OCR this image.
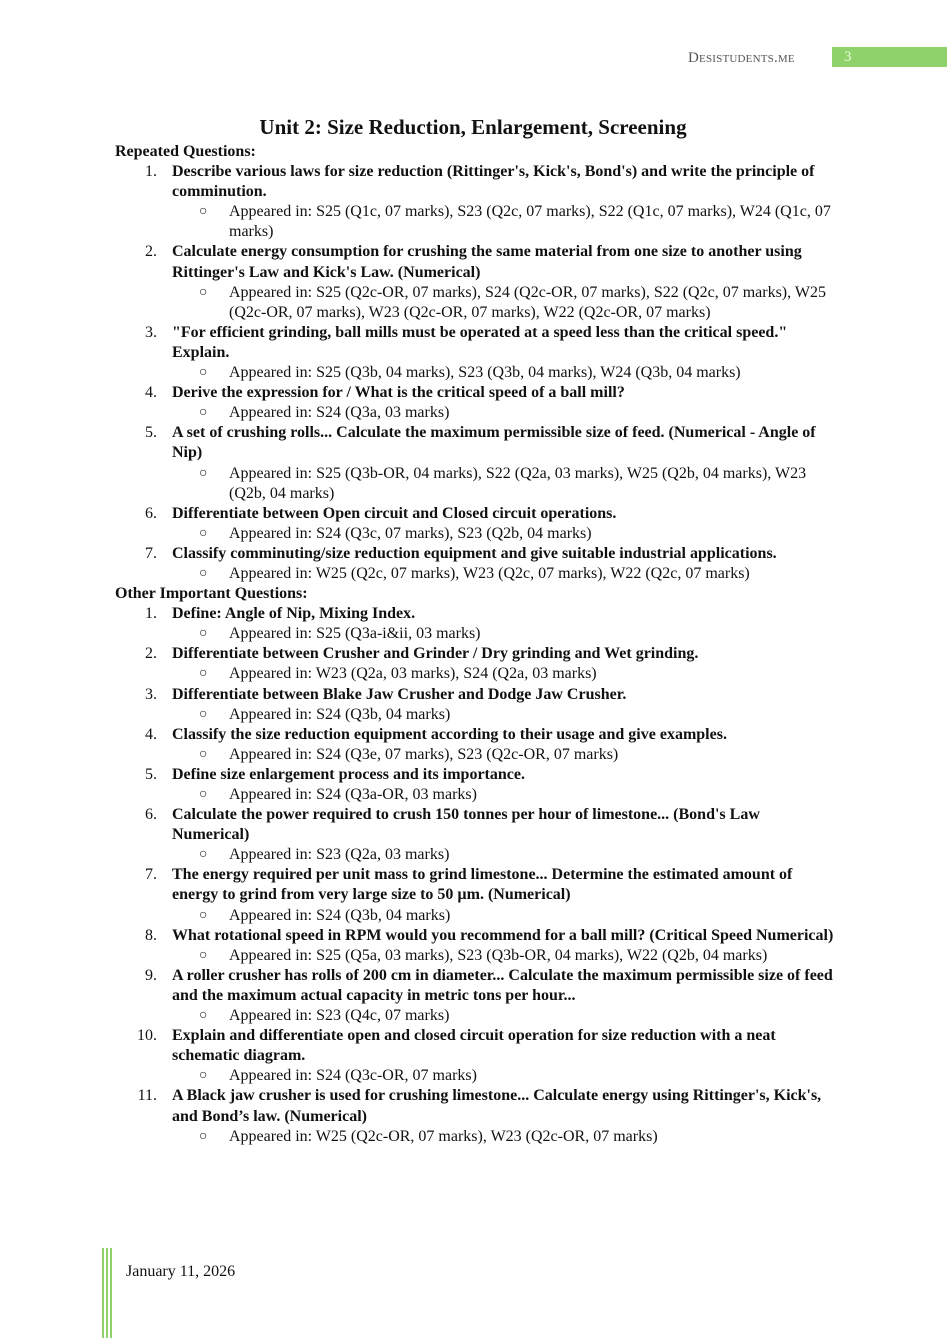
Desistudents.me	3
Unit 2: Size Reduction, Enlargement, Screening
Repeated Questions:
1. Describe various laws for size reduction (Rittinger's, Kick's, Bond's) and write the principle of comminution.
○ Appeared in: S25 (Q1c, 07 marks), S23 (Q2c, 07 marks), S22 (Q1c, 07 marks), W24 (Q1c, 07 marks)
2. Calculate energy consumption for crushing the same material from one size to another using Rittinger's Law and Kick's Law. (Numerical)
○ Appeared in: S25 (Q2c-OR, 07 marks), S24 (Q2c-OR, 07 marks), S22 (Q2c, 07 marks), W25 (Q2c-OR, 07 marks), W23 (Q2c-OR, 07 marks), W22 (Q2c-OR, 07 marks)
3. "For efficient grinding, ball mills must be operated at a speed less than the critical speed." Explain.
○ Appeared in: S25 (Q3b, 04 marks), S23 (Q3b, 04 marks), W24 (Q3b, 04 marks)
4. Derive the expression for / What is the critical speed of a ball mill?
○ Appeared in: S24 (Q3a, 03 marks)
5. A set of crushing rolls... Calculate the maximum permissible size of feed. (Numerical - Angle of Nip)
○ Appeared in: S25 (Q3b-OR, 04 marks), S22 (Q2a, 03 marks), W25 (Q2b, 04 marks), W23 (Q2b, 04 marks)
6. Differentiate between Open circuit and Closed circuit operations.
○ Appeared in: S24 (Q3c, 07 marks), S23 (Q2b, 04 marks)
7. Classify comminuting/size reduction equipment and give suitable industrial applications.
○ Appeared in: W25 (Q2c, 07 marks), W23 (Q2c, 07 marks), W22 (Q2c, 07 marks)
Other Important Questions:
1. Define: Angle of Nip, Mixing Index.
○ Appeared in: S25 (Q3a-i&ii, 03 marks)
2. Differentiate between Crusher and Grinder / Dry grinding and Wet grinding.
○ Appeared in: W23 (Q2a, 03 marks), S24 (Q2a, 03 marks)
3. Differentiate between Blake Jaw Crusher and Dodge Jaw Crusher.
○ Appeared in: S24 (Q3b, 04 marks)
4. Classify the size reduction equipment according to their usage and give examples.
○ Appeared in: S24 (Q3e, 07 marks), S23 (Q2c-OR, 07 marks)
5. Define size enlargement process and its importance.
○ Appeared in: S24 (Q3a-OR, 03 marks)
6. Calculate the power required to crush 150 tonnes per hour of limestone... (Bond's Law Numerical)
○ Appeared in: S23 (Q2a, 03 marks)
7. The energy required per unit mass to grind limestone... Determine the estimated amount of energy to grind from very large size to 50 µm. (Numerical)
○ Appeared in: S24 (Q3b, 04 marks)
8. What rotational speed in RPM would you recommend for a ball mill? (Critical Speed Numerical)
○ Appeared in: S25 (Q5a, 03 marks), S23 (Q3b-OR, 04 marks), W22 (Q2b, 04 marks)
9. A roller crusher has rolls of 200 cm in diameter... Calculate the maximum permissible size of feed and the maximum actual capacity in metric tons per hour...
○ Appeared in: S23 (Q4c, 07 marks)
10. Explain and differentiate open and closed circuit operation for size reduction with a neat schematic diagram.
○ Appeared in: S24 (Q3c-OR, 07 marks)
11. A Black jaw crusher is used for crushing limestone... Calculate energy using Rittinger's, Kick's, and Bond’s law. (Numerical)
○ Appeared in: W25 (Q2c-OR, 07 marks), W23 (Q2c-OR, 07 marks)
January 11, 2026
